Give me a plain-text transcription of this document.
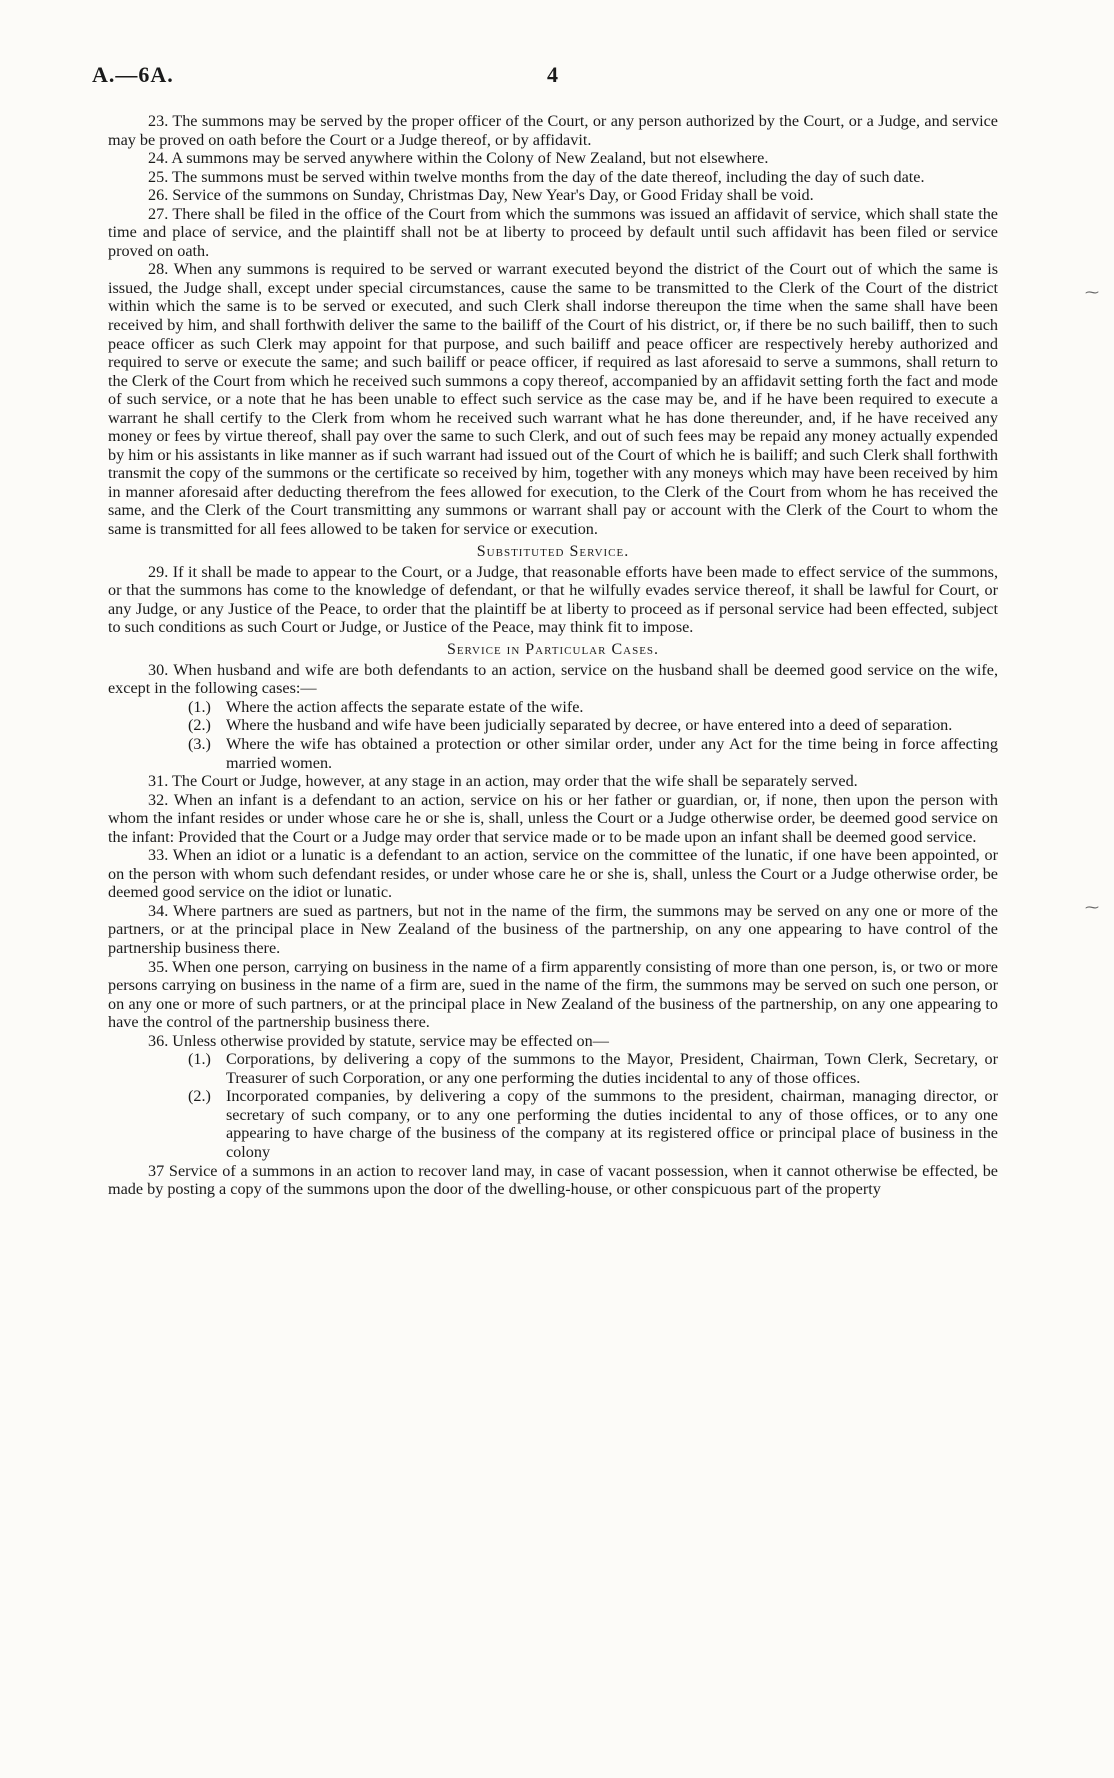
A.—6A.	4

23. The summons may be served by the proper officer of the Court, or any person authorized by the Court, or a Judge, and service may be proved on oath before the Court or a Judge thereof, or by affidavit.

24. A summons may be served anywhere within the Colony of New Zealand, but not elsewhere.

25. The summons must be served within twelve months from the day of the date thereof, including the day of such date.

26. Service of the summons on Sunday, Christmas Day, New Year's Day, or Good Friday shall be void.

27. There shall be filed in the office of the Court from which the summons was issued an affidavit of service, which shall state the time and place of service, and the plaintiff shall not be at liberty to proceed by default until such affidavit has been filed or service proved on oath.

28. When any summons is required to be served or warrant executed beyond the district of the Court out of which the same is issued, the Judge shall, except under special circumstances, cause the same to be transmitted to the Clerk of the Court of the district within which the same is to be served or executed, and such Clerk shall indorse thereupon the time when the same shall have been received by him, and shall forthwith deliver the same to the bailiff of the Court of his district, or, if there be no such bailiff, then to such peace officer as such Clerk may appoint for that purpose, and such bailiff and peace officer are respectively hereby authorized and required to serve or execute the same; and such bailiff or peace officer, if required as last aforesaid to serve a summons, shall return to the Clerk of the Court from which he received such summons a copy thereof, accompanied by an affidavit setting forth the fact and mode of such service, or a note that he has been unable to effect such service as the case may be, and if he have been required to execute a warrant he shall certify to the Clerk from whom he received such warrant what he has done thereunder, and, if he have received any money or fees by virtue thereof, shall pay over the same to such Clerk, and out of such fees may be repaid any money actually expended by him or his assistants in like manner as if such warrant had issued out of the Court of which he is bailiff; and such Clerk shall forthwith transmit the copy of the summons or the certificate so received by him, together with any moneys which may have been received by him in manner aforesaid after deducting therefrom the fees allowed for execution, to the Clerk of the Court from whom he has received the same, and the Clerk of the Court transmitting any summons or warrant shall pay or account with the Clerk of the Court to whom the same is transmitted for all fees allowed to be taken for service or execution.

Substituted Service.

29. If it shall be made to appear to the Court, or a Judge, that reasonable efforts have been made to effect service of the summons, or that the summons has come to the knowledge of defendant, or that he wilfully evades service thereof, it shall be lawful for Court, or any Judge, or any Justice of the Peace, to order that the plaintiff be at liberty to proceed as if personal service had been effected, subject to such conditions as such Court or Judge, or Justice of the Peace, may think fit to impose.

Service in Particular Cases.

30. When husband and wife are both defendants to an action, service on the husband shall be deemed good service on the wife, except in the following cases:—

(1.) Where the action affects the separate estate of the wife.
(2.) Where the husband and wife have been judicially separated by decree, or have entered into a deed of separation.
(3.) Where the wife has obtained a protection or other similar order, under any Act for the time being in force affecting married women.

31. The Court or Judge, however, at any stage in an action, may order that the wife shall be separately served.

32. When an infant is a defendant to an action, service on his or her father or guardian, or, if none, then upon the person with whom the infant resides or under whose care he or she is, shall, unless the Court or a Judge otherwise order, be deemed good service on the infant: Provided that the Court or a Judge may order that service made or to be made upon an infant shall be deemed good service.

33. When an idiot or a lunatic is a defendant to an action, service on the committee of the lunatic, if one have been appointed, or on the person with whom such defendant resides, or under whose care he or she is, shall, unless the Court or a Judge otherwise order, be deemed good service on the idiot or lunatic.

34. Where partners are sued as partners, but not in the name of the firm, the summons may be served on any one or more of the partners, or at the principal place in New Zealand of the business of the partnership, on any one appearing to have control of the partnership business there.

35. When one person, carrying on business in the name of a firm apparently consisting of more than one person, is, or two or more persons carrying on business in the name of a firm are, sued in the name of the firm, the summons may be served on such one person, or on any one or more of such partners, or at the principal place in New Zealand of the business of the partnership, on any one appearing to have the control of the partnership business there.

36. Unless otherwise provided by statute, service may be effected on—

(1.) Corporations, by delivering a copy of the summons to the Mayor, President, Chairman, Town Clerk, Secretary, or Treasurer of such Corporation, or any one performing the duties incidental to any of those offices.
(2.) Incorporated companies, by delivering a copy of the summons to the president, chairman, managing director, or secretary of such company, or to any one performing the duties incidental to any of those offices, or to any one appearing to have charge of the business of the company at its registered office or principal place of business in the colony

37 Service of a summons in an action to recover land may, in case of vacant possession, when it cannot otherwise be effected, be made by posting a copy of the summons upon the door of the dwelling-house, or other conspicuous part of the property

⁓
⁓
